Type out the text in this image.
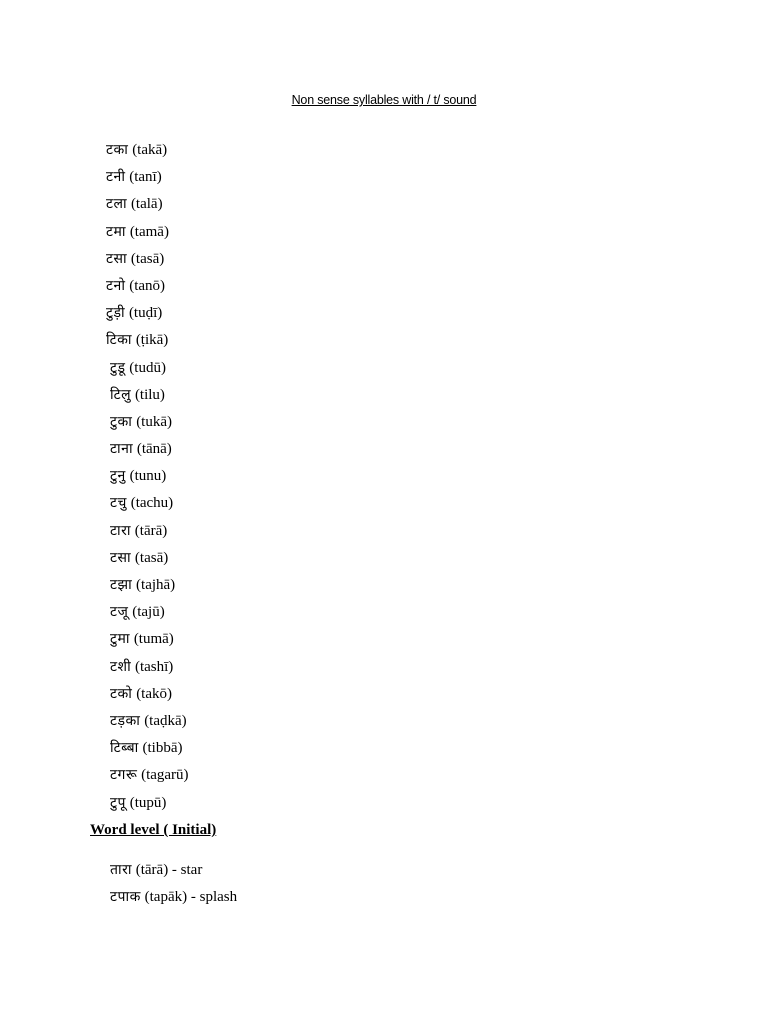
Non sense syllables with / t/ sound
टका (takā)
टनी (tanī)
टला (talā)
टमा (tamā)
टसा (tasā)
टनो (tanō)
टुड़ी (tuḍī)
टिका (ṭikā)
टुडू (tudū)
टिलु (tilu)
टुका (tukā)
टाना (tānā)
टुनु (tunu)
टचु (tachu)
टारा (tārā)
टसा (tasā)
टझा (tajhā)
टजू (tajū)
टुमा (tumā)
टशी (tashī)
टको (takō)
टड़का (taḍkā)
टिब्बा (tibbā)
टगरू (tagarū)
टुपू (tupū)
Word level ( Initial)
तारा (tārā) - star
टपाक (tapāk) - splash
